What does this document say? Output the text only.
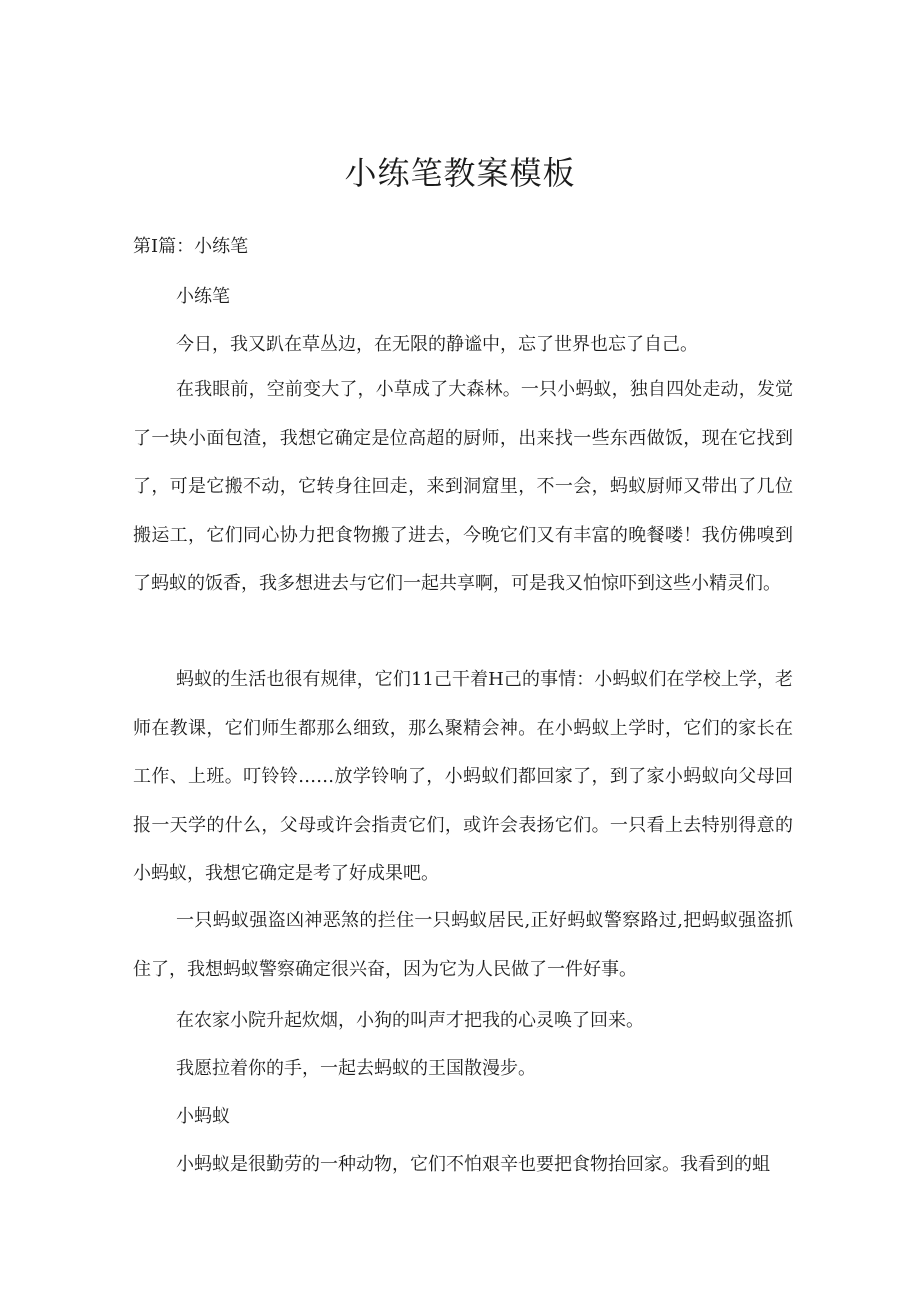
小练笔教案模板

第Ⅰ篇：小练笔

小练笔

今日，我又趴在草丛边，在无限的静谧中，忘了世界也忘了自己。

在我眼前，空前变大了，小草成了大森林。一只小蚂蚁，独自四处走动，发觉了一块小面包渣，我想它确定是位高超的厨师，出来找一些东西做饭，现在它找到了，可是它搬不动，它转身往回走，来到洞窟里，不一会，蚂蚁厨师又带出了几位搬运工，它们同心协力把食物搬了进去，今晚它们又有丰富的晚餐喽！我仿佛嗅到了蚂蚁的饭香，我多想进去与它们一起共享啊，可是我又怕惊吓到这些小精灵们。

蚂蚁的生活也很有规律，它们11己干着H己的事情：小蚂蚁们在学校上学，老师在教课，它们师生都那么细致，那么聚精会神。在小蚂蚁上学时，它们的家长在工作、上班。叮铃铃……放学铃响了，小蚂蚁们都回家了，到了家小蚂蚁向父母回报一天学的什么，父母或许会指责它们，或许会表扬它们。一只看上去特别得意的小蚂蚁，我想它确定是考了好成果吧。

一只蚂蚁强盗凶神恶煞的拦住一只蚂蚁居民,正好蚂蚁警察路过,把蚂蚁强盗抓住了，我想蚂蚁警察确定很兴奋，因为它为人民做了一件好事。

在农家小院升起炊烟，小狗的叫声才把我的心灵唤了回来。

我愿拉着你的手，一起去蚂蚁的王国散漫步。

小蚂蚁

小蚂蚁是很勤劳的一种动物，它们不怕艰辛也要把食物抬回家。我看到的蛆
